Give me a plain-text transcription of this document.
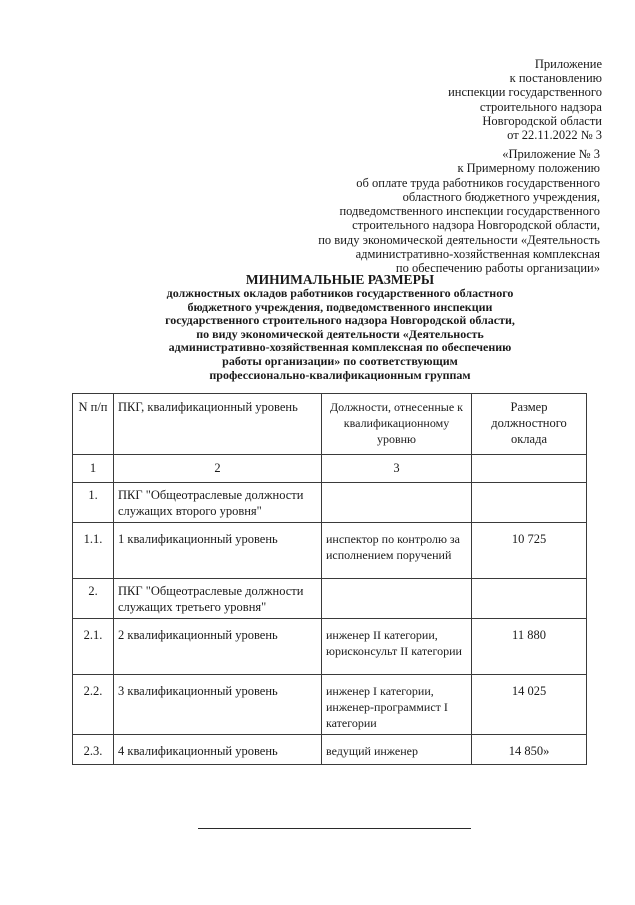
Приложение
к постановлению
инспекции государственного
строительного надзора
Новгородской области
от 22.11.2022 № 3
«Приложение № 3
к Примерному положению
об оплате труда работников государственного
областного бюджетного учреждения,
подведомственного инспекции государственного
строительного надзора Новгородской области,
по виду экономической деятельности «Деятельность
административно-хозяйственная комплексная
по обеспечению работы организации»
МИНИМАЛЬНЫЕ РАЗМЕРЫ
должностных окладов работников государственного областного
бюджетного учреждения, подведомственного инспекции
государственного строительного надзора Новгородской области,
по виду экономической деятельности «Деятельность
административно-хозяйственная комплексная по обеспечению
работы организации» по соответствующим
профессионально-квалификационным группам
N п/п	ПКГ, квалификационный уровень	Должности, отнесенные к квалификационному уровню	Размер должностного оклада
1	2	3	
1.	ПКГ "Общеотраслевые должности служащих второго уровня"		
1.1.	1 квалификационный уровень	инспектор по контролю за исполнением поручений	10 725
2.	ПКГ "Общеотраслевые должности служащих третьего уровня"		
2.1.	2 квалификационный уровень	инженер II категории, юрисконсульт II категории	11 880
2.2.	3 квалификационный уровень	инженер I категории, инженер-программист I категории	14 025
2.3.	4 квалификационный уровень	ведущий инженер	14 850»
